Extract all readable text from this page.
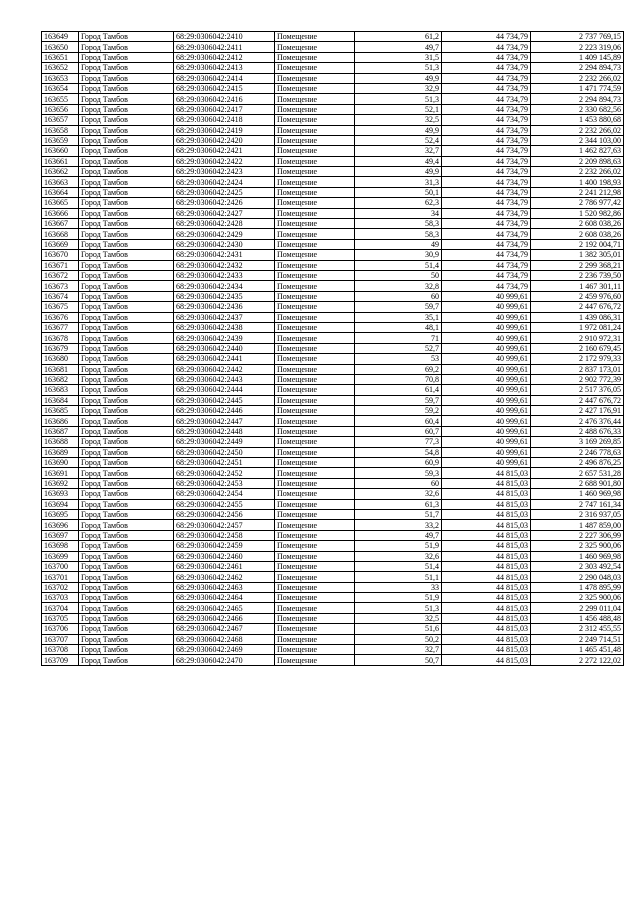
163649	Город Тамбов	68:29:0306042:2410	Помещение	61,2	44 734,79	2 737 769,15
163650	Город Тамбов	68:29:0306042:2411	Помещение	49,7	44 734,79	2 223 319,06
163651	Город Тамбов	68:29:0306042:2412	Помещение	31,5	44 734,79	1 409 145,89
163652	Город Тамбов	68:29:0306042:2413	Помещение	51,3	44 734,79	2 294 894,73
163653	Город Тамбов	68:29:0306042:2414	Помещение	49,9	44 734,79	2 232 266,02
163654	Город Тамбов	68:29:0306042:2415	Помещение	32,9	44 734,79	1 471 774,59
163655	Город Тамбов	68:29:0306042:2416	Помещение	51,3	44 734,79	2 294 894,73
163656	Город Тамбов	68:29:0306042:2417	Помещение	52,1	44 734,79	2 330 682,56
163657	Город Тамбов	68:29:0306042:2418	Помещение	32,5	44 734,79	1 453 880,68
163658	Город Тамбов	68:29:0306042:2419	Помещение	49,9	44 734,79	2 232 266,02
163659	Город Тамбов	68:29:0306042:2420	Помещение	52,4	44 734,79	2 344 103,00
163660	Город Тамбов	68:29:0306042:2421	Помещение	32,7	44 734,79	1 462 827,63
163661	Город Тамбов	68:29:0306042:2422	Помещение	49,4	44 734,79	2 209 898,63
163662	Город Тамбов	68:29:0306042:2423	Помещение	49,9	44 734,79	2 232 266,02
163663	Город Тамбов	68:29:0306042:2424	Помещение	31,3	44 734,79	1 400 198,93
163664	Город Тамбов	68:29:0306042:2425	Помещение	50,1	44 734,79	2 241 212,98
163665	Город Тамбов	68:29:0306042:2426	Помещение	62,3	44 734,79	2 786 977,42
163666	Город Тамбов	68:29:0306042:2427	Помещение	34	44 734,79	1 520 982,86
163667	Город Тамбов	68:29:0306042:2428	Помещение	58,3	44 734,79	2 608 038,26
163668	Город Тамбов	68:29:0306042:2429	Помещение	58,3	44 734,79	2 608 038,26
163669	Город Тамбов	68:29:0306042:2430	Помещение	49	44 734,79	2 192 004,71
163670	Город Тамбов	68:29:0306042:2431	Помещение	30,9	44 734,79	1 382 305,01
163671	Город Тамбов	68:29:0306042:2432	Помещение	51,4	44 734,79	2 299 368,21
163672	Город Тамбов	68:29:0306042:2433	Помещение	50	44 734,79	2 236 739,50
163673	Город Тамбов	68:29:0306042:2434	Помещение	32,8	44 734,79	1 467 301,11
163674	Город Тамбов	68:29:0306042:2435	Помещение	60	40 999,61	2 459 976,60
163675	Город Тамбов	68:29:0306042:2436	Помещение	59,7	40 999,61	2 447 676,72
163676	Город Тамбов	68:29:0306042:2437	Помещение	35,1	40 999,61	1 439 086,31
163677	Город Тамбов	68:29:0306042:2438	Помещение	48,1	40 999,61	1 972 081,24
163678	Город Тамбов	68:29:0306042:2439	Помещение	71	40 999,61	2 910 972,31
163679	Город Тамбов	68:29:0306042:2440	Помещение	52,7	40 999,61	2 160 679,45
163680	Город Тамбов	68:29:0306042:2441	Помещение	53	40 999,61	2 172 979,33
163681	Город Тамбов	68:29:0306042:2442	Помещение	69,2	40 999,61	2 837 173,01
163682	Город Тамбов	68:29:0306042:2443	Помещение	70,8	40 999,61	2 902 772,39
163683	Город Тамбов	68:29:0306042:2444	Помещение	61,4	40 999,61	2 517 376,05
163684	Город Тамбов	68:29:0306042:2445	Помещение	59,7	40 999,61	2 447 676,72
163685	Город Тамбов	68:29:0306042:2446	Помещение	59,2	40 999,61	2 427 176,91
163686	Город Тамбов	68:29:0306042:2447	Помещение	60,4	40 999,61	2 476 376,44
163687	Город Тамбов	68:29:0306042:2448	Помещение	60,7	40 999,61	2 488 676,33
163688	Город Тамбов	68:29:0306042:2449	Помещение	77,3	40 999,61	3 169 269,85
163689	Город Тамбов	68:29:0306042:2450	Помещение	54,8	40 999,61	2 246 778,63
163690	Город Тамбов	68:29:0306042:2451	Помещение	60,9	40 999,61	2 496 876,25
163691	Город Тамбов	68:29:0306042:2452	Помещение	59,3	44 815,03	2 657 531,28
163692	Город Тамбов	68:29:0306042:2453	Помещение	60	44 815,03	2 688 901,80
163693	Город Тамбов	68:29:0306042:2454	Помещение	32,6	44 815,03	1 460 969,98
163694	Город Тамбов	68:29:0306042:2455	Помещение	61,3	44 815,03	2 747 161,34
163695	Город Тамбов	68:29:0306042:2456	Помещение	51,7	44 815,03	2 316 937,05
163696	Город Тамбов	68:29:0306042:2457	Помещение	33,2	44 815,03	1 487 859,00
163697	Город Тамбов	68:29:0306042:2458	Помещение	49,7	44 815,03	2 227 306,99
163698	Город Тамбов	68:29:0306042:2459	Помещение	51,9	44 815,03	2 325 900,06
163699	Город Тамбов	68:29:0306042:2460	Помещение	32,6	44 815,03	1 460 969,98
163700	Город Тамбов	68:29:0306042:2461	Помещение	51,4	44 815,03	2 303 492,54
163701	Город Тамбов	68:29:0306042:2462	Помещение	51,1	44 815,03	2 290 048,03
163702	Город Тамбов	68:29:0306042:2463	Помещение	33	44 815,03	1 478 895,99
163703	Город Тамбов	68:29:0306042:2464	Помещение	51,9	44 815,03	2 325 900,06
163704	Город Тамбов	68:29:0306042:2465	Помещение	51,3	44 815,03	2 299 011,04
163705	Город Тамбов	68:29:0306042:2466	Помещение	32,5	44 815,03	1 456 488,48
163706	Город Тамбов	68:29:0306042:2467	Помещение	51,6	44 815,03	2 312 455,55
163707	Город Тамбов	68:29:0306042:2468	Помещение	50,2	44 815,03	2 249 714,51
163708	Город Тамбов	68:29:0306042:2469	Помещение	32,7	44 815,03	1 465 451,48
163709	Город Тамбов	68:29:0306042:2470	Помещение	50,7	44 815,03	2 272 122,02
